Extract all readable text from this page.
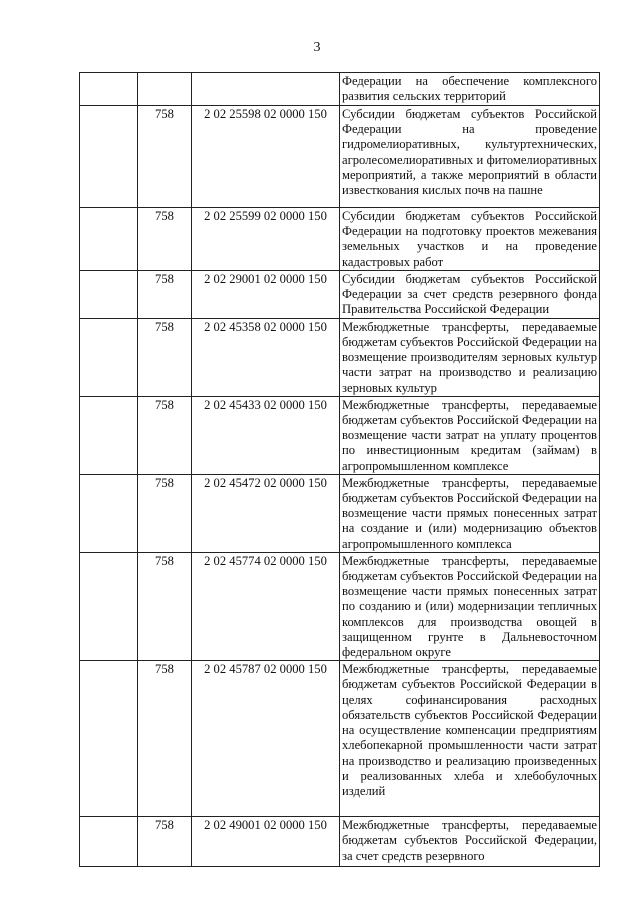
3
			Федерации на обеспечение комплексного развития сельских территорий
	758	2 02 25598 02 0000 150	Субсидии бюджетам субъектов Российской Федерации на проведение гидромелиоративных, культуртехнических, агролесомелиоративных и фитомелиоративных мероприятий, а также мероприятий в области известкования кислых почв на пашне
	758	2 02 25599 02 0000 150	Субсидии бюджетам субъектов Российской Федерации на подготовку проектов межевания земельных участков и на проведение кадастровых работ
	758	2 02 29001 02 0000 150	Субсидии бюджетам субъектов Российской Федерации за счет средств резервного фонда Правительства Российской Федерации
	758	2 02 45358 02 0000 150	Межбюджетные трансферты, передаваемые бюджетам субъектов Российской Федерации на возмещение производителям зерновых культур части затрат на производство и реализацию зерновых культур
	758	2 02 45433 02 0000 150	Межбюджетные трансферты, передаваемые бюджетам субъектов Российской Федерации на возмещение части затрат на уплату процентов по инвестиционным кредитам (займам) в агропромышленном комплексе
	758	2 02 45472 02 0000 150	Межбюджетные трансферты, передаваемые бюджетам субъектов Российской Федерации на возмещение части прямых понесенных затрат на создание и (или) модернизацию объектов агропромышленного комплекса
	758	2 02 45774 02 0000 150	Межбюджетные трансферты, передаваемые бюджетам субъектов Российской Федерации на возмещение части прямых понесенных затрат по созданию и (или) модернизации тепличных комплексов для производства овощей в защищенном грунте в Дальневосточном федеральном округе
	758	2 02 45787 02 0000 150	Межбюджетные трансферты, передаваемые бюджетам субъектов Российской Федерации в целях софинансирования расходных обязательств субъектов Российской Федерации на осуществление компенсации предприятиям хлебопекарной промышленности части затрат на производство и реализацию произведенных и реализованных хлеба и хлебобулочных изделий
	758	2 02 49001 02 0000 150	Межбюджетные трансферты, передаваемые бюджетам субъектов Российской Федерации, за счет средств резервного
